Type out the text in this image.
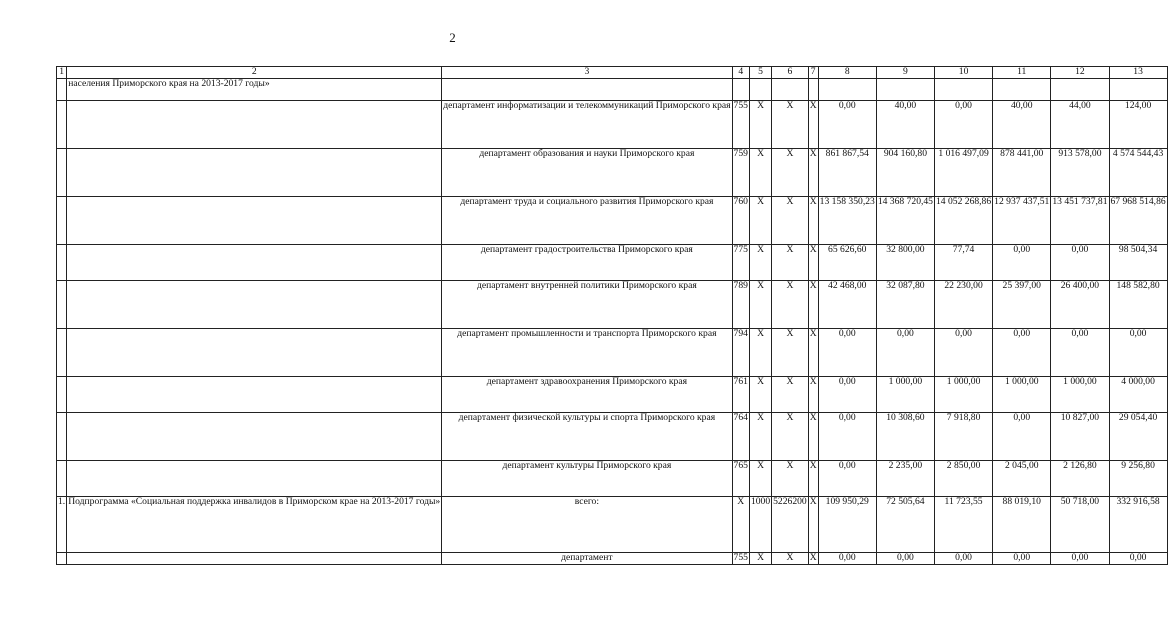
2
1	2	3	4	5	6	7	8	9	10	11	12	13
	населения Приморского края на 2013-2017 годы»											
		департамент информатизации и телекоммуникаций Приморского края	755	X	X	X	0,00	40,00	0,00	40,00	44,00	124,00
		департамент образования и науки Приморского края	759	X	X	X	861 867,54	904 160,80	1 016 497,09	878 441,00	913 578,00	4 574 544,43
		департамент труда и социального развития Приморского края	760	X	X	X	13 158 350,23	14 368 720,45	14 052 268,86	12 937 437,51	13 451 737,81	67 968 514,86
		департамент градостроительства Приморского края	775	X	X	X	65 626,60	32 800,00	77,74	0,00	0,00	98 504,34
		департамент внутренней политики Приморского края	789	X	X	X	42 468,00	32 087,80	22 230,00	25 397,00	26 400,00	148 582,80
		департамент промышленности и транспорта Приморского края	794	X	X	X	0,00	0,00	0,00	0,00	0,00	0,00
		департамент здравоохранения Приморского края	761	X	X	X	0,00	1 000,00	1 000,00	1 000,00	1 000,00	4 000,00
		департамент физической культуры и спорта Приморского края	764	X	X	X	0,00	10 308,60	7 918,80	0,00	10 827,00	29 054,40
		департамент культуры Приморского края	765	X	X	X	0,00	2 235,00	2 850,00	2 045,00	2 126,80	9 256,80
1.	Подпрограмма «Социальная поддержка инвалидов в Приморском крае на 2013-2017 годы»	всего:	X	1000	5226200	X	109 950,29	72 505,64	11 723,55	88 019,10	50 718,00	332 916,58
		департамент	755	X	X	X	0,00	0,00	0,00	0,00	0,00	0,00
